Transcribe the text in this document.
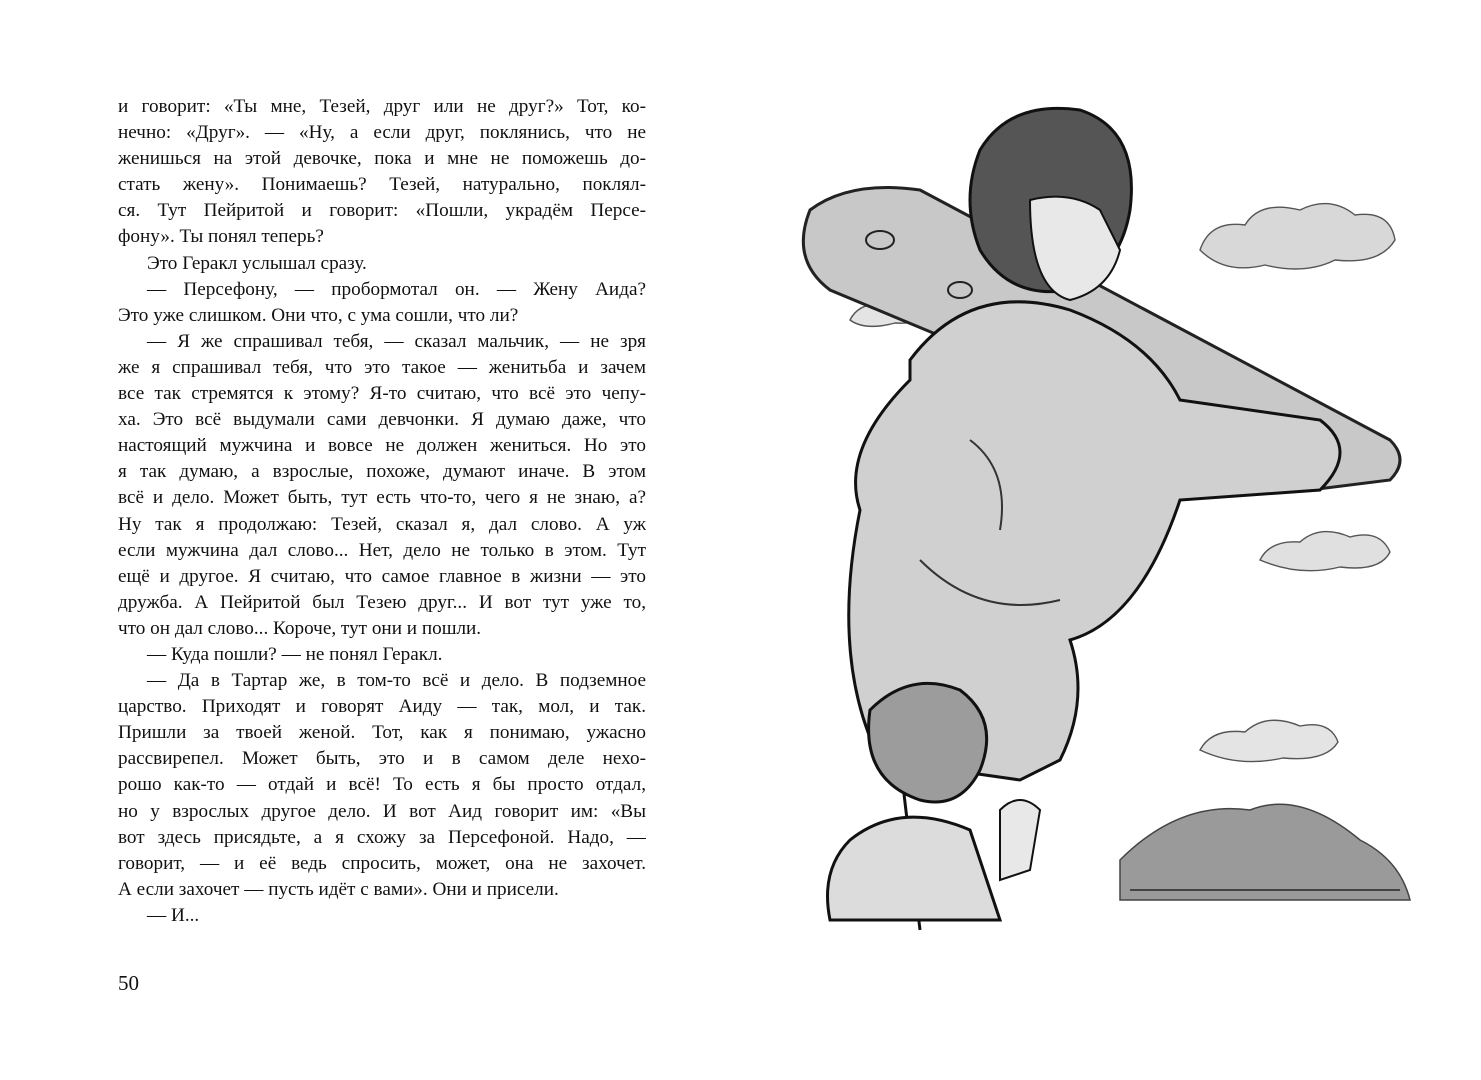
и говорит: «Ты мне, Тезей, друг или не друг?» Тот, ко-
нечно: «Друг». — «Ну, а если друг, поклянись, что не
женишься на этой девочке, пока и мне не поможешь до-
стать жену». Понимаешь? Тезей, натурально, поклял-
ся. Тут Пейритой и говорит: «Пошли, украдём Персе-
фону». Ты понял теперь?
Это Геракл услышал сразу.
— Персефону, — пробормотал он. — Жену Аида?
Это уже слишком. Они что, с ума сошли, что ли?
— Я же спрашивал тебя, — сказал мальчик, — не зря
же я спрашивал тебя, что это такое — женитьба и зачем
все так стремятся к этому? Я-то считаю, что всё это чепу-
ха. Это всё выдумали сами девчонки. Я думаю даже, что
настоящий мужчина и вовсе не должен жениться. Но это
я так думаю, а взрослые, похоже, думают иначе. В этом
всё и дело. Может быть, тут есть что-то, чего я не знаю, а?
Ну так я продолжаю: Тезей, сказал я, дал слово. А уж
если мужчина дал слово... Нет, дело не только в этом. Тут
ещё и другое. Я считаю, что самое главное в жизни — это
дружба. А Пейритой был Тезею друг... И вот тут уже то,
что он дал слово... Короче, тут они и пошли.
— Куда пошли? — не понял Геракл.
— Да в Тартар же, в том-то всё и дело. В подземное
царство. Приходят и говорят Аиду — так, мол, и так.
Пришли за твоей женой. Тот, как я понимаю, ужасно
рассвирепел. Может быть, это и в самом деле нехо-
рошо как-то — отдай и всё! То есть я бы просто отдал,
но у взрослых другое дело. И вот Аид говорит им: «Вы
вот здесь присядьте, а я схожу за Персефоной. Надо, —
говорит, — и её ведь спросить, может, она не захочет.
А если захочет — пусть идёт с вами». Они и присели.
— И...
50
